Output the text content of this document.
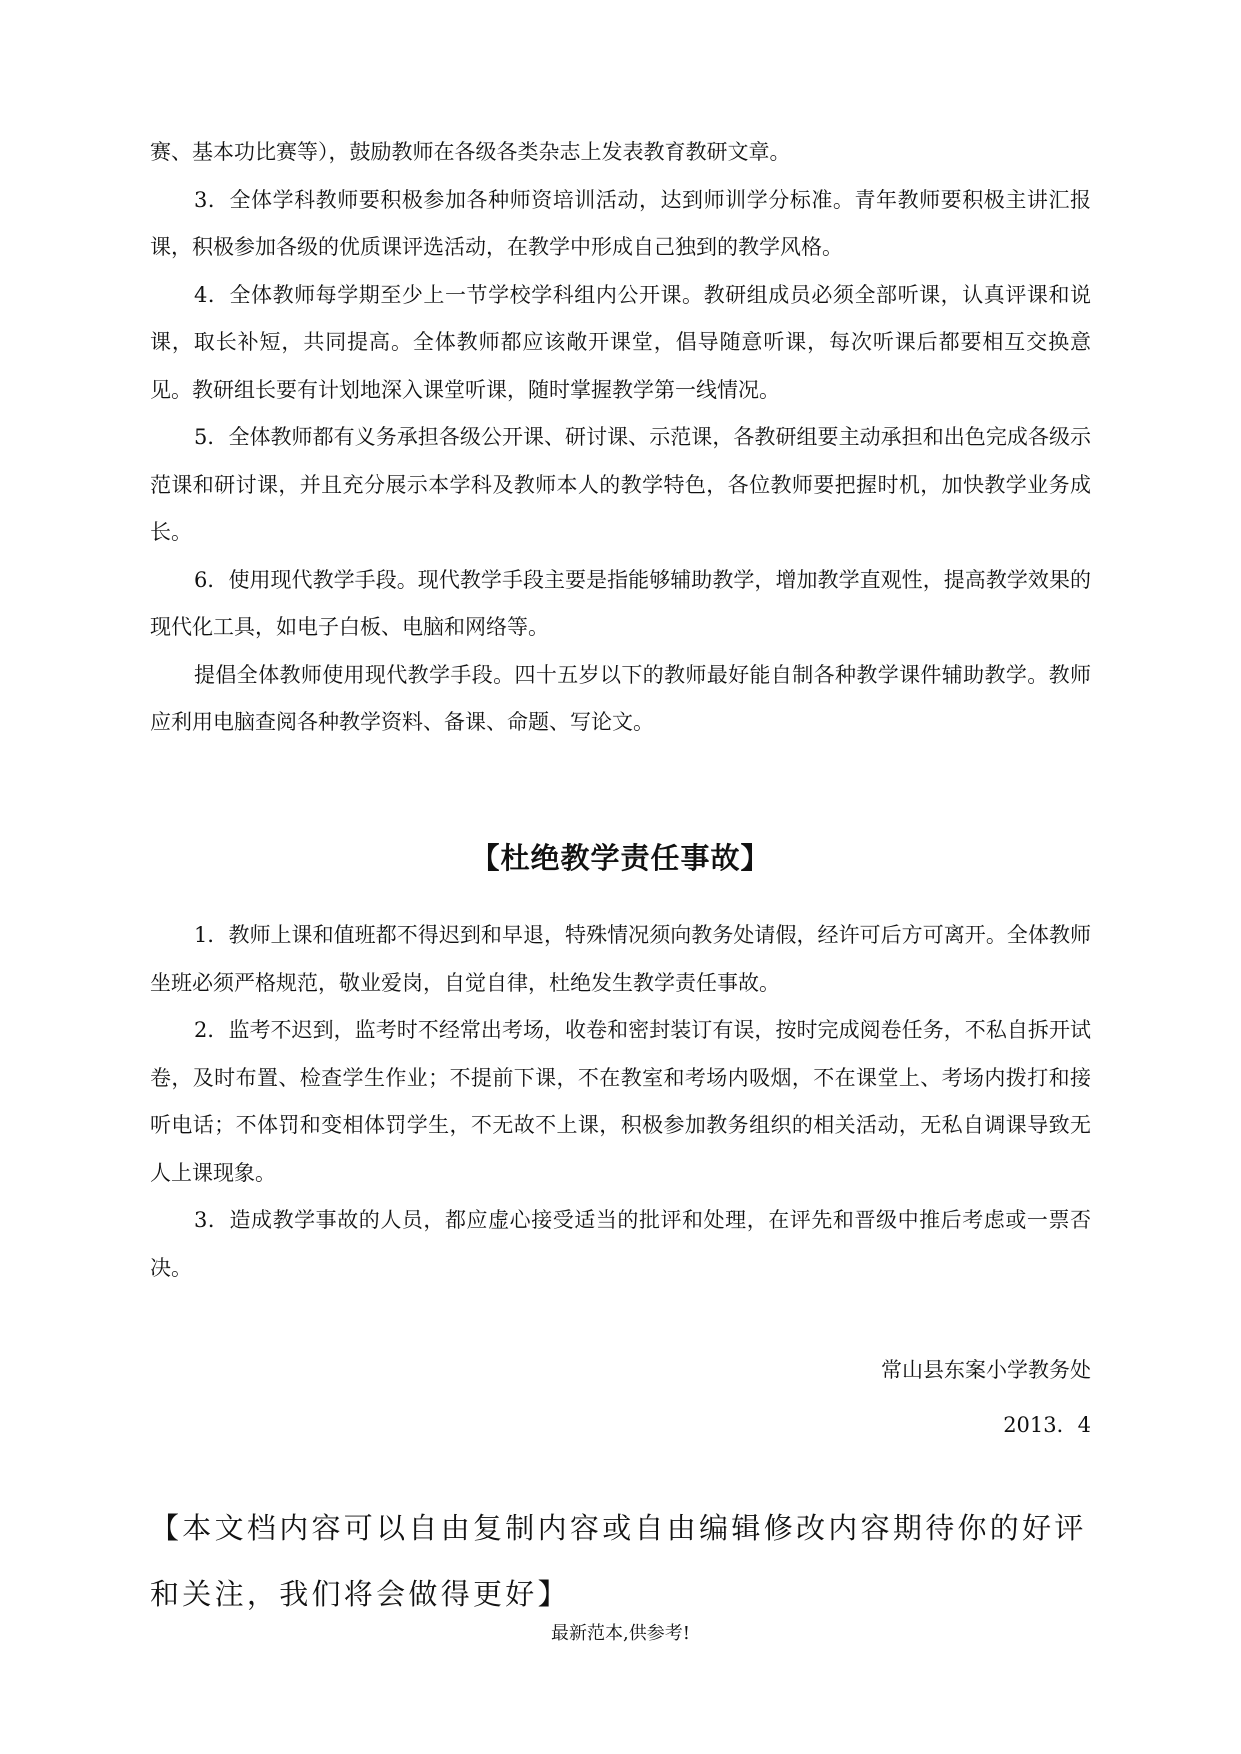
赛、基本功比赛等），鼓励教师在各级各类杂志上发表教育教研文章。

3．全体学科教师要积极参加各种师资培训活动，达到师训学分标准。青年教师要积极主讲汇报课，积极参加各级的优质课评选活动，在教学中形成自己独到的教学风格。

4．全体教师每学期至少上一节学校学科组内公开课。教研组成员必须全部听课，认真评课和说课，取长补短，共同提高。全体教师都应该敞开课堂，倡导随意听课，每次听课后都要相互交换意见。教研组长要有计划地深入课堂听课，随时掌握教学第一线情况。

5．全体教师都有义务承担各级公开课、研讨课、示范课，各教研组要主动承担和出色完成各级示范课和研讨课，并且充分展示本学科及教师本人的教学特色，各位教师要把握时机，加快教学业务成长。

6．使用现代教学手段。现代教学手段主要是指能够辅助教学，增加教学直观性，提高教学效果的现代化工具，如电子白板、电脑和网络等。

提倡全体教师使用现代教学手段。四十五岁以下的教师最好能自制各种教学课件辅助教学。教师应利用电脑查阅各种教学资料、备课、命题、写论文。

【杜绝教学责任事故】

1．教师上课和值班都不得迟到和早退，特殊情况须向教务处请假，经许可后方可离开。全体教师坐班必须严格规范，敬业爱岗，自觉自律，杜绝发生教学责任事故。

2．监考不迟到，监考时不经常出考场，收卷和密封装订有误，按时完成阅卷任务，不私自拆开试卷，及时布置、检查学生作业；不提前下课，不在教室和考场内吸烟，不在课堂上、考场内拨打和接听电话；不体罚和变相体罚学生，不无故不上课，积极参加教务组织的相关活动，无私自调课导致无人上课现象。

3．造成教学事故的人员，都应虚心接受适当的批评和处理，在评先和晋级中推后考虑或一票否决。

常山县东案小学教务处

2013．4

【本文档内容可以自由复制内容或自由编辑修改内容期待你的好评和关注，我们将会做得更好】

最新范本,供参考!
